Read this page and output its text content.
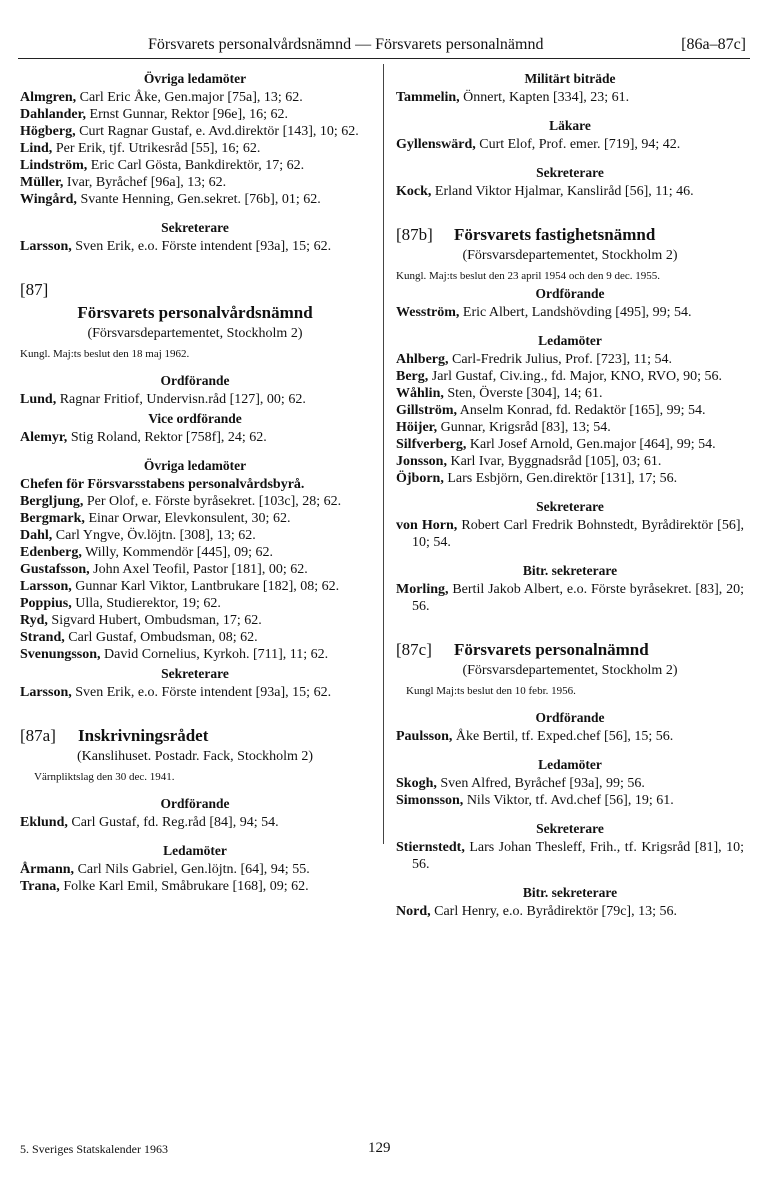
Försvarets personalvårdsnämnd — Försvarets personalnämnd	[86a–87c]
Övriga ledamöter
Almgren, Carl Eric Åke, Gen.major [75a], 13; 62.
Dahlander, Ernst Gunnar, Rektor [96e], 16; 62.
Högberg, Curt Ragnar Gustaf, e. Avd.direktör [143], 10; 62.
Lind, Per Erik, tjf. Utrikesråd [55], 16; 62.
Lindström, Eric Carl Gösta, Bankdirektör, 17; 62.
Müller, Ivar, Byråchef [96a], 13; 62.
Wingård, Svante Henning, Gen.sekret. [76b], 01; 62.
Sekreterare
Larsson, Sven Erik, e.o. Förste intendent [93a], 15; 62.
[87]
Försvarets personalvårdsnämnd
(Försvarsdepartementet, Stockholm 2)
Kungl. Maj:ts beslut den 18 maj 1962.
Ordförande
Lund, Ragnar Fritiof, Undervisn.råd [127], 00; 62.
Vice ordförande
Alemyr, Stig Roland, Rektor [758f], 24; 62.
Övriga ledamöter
Chefen för Försvarsstabens personalvårdsbyrå.
Bergljung, Per Olof, e. Förste byråsekret. [103c], 28; 62.
Bergmark, Einar Orwar, Elevkonsulent, 30; 62.
Dahl, Carl Yngve, Öv.löjtn. [308], 13; 62.
Edenberg, Willy, Kommendör [445], 09; 62.
Gustafsson, John Axel Teofil, Pastor [181], 00; 62.
Larsson, Gunnar Karl Viktor, Lantbrukare [182], 08; 62.
Poppius, Ulla, Studierektor, 19; 62.
Ryd, Sigvard Hubert, Ombudsman, 17; 62.
Strand, Carl Gustaf, Ombudsman, 08; 62.
Svenungsson, David Cornelius, Kyrkoh. [711], 11; 62.
Sekreterare
Larsson, Sven Erik, e.o. Förste intendent [93a], 15; 62.
[87a]	Inskrivningsrådet
(Kanslihuset. Postadr. Fack, Stockholm 2)
Värnpliktslag den 30 dec. 1941.
Ordförande
Eklund, Carl Gustaf, fd. Reg.råd [84], 94; 54.
Ledamöter
Årmann, Carl Nils Gabriel, Gen.löjtn. [64], 94; 55.
Trana, Folke Karl Emil, Småbrukare [168], 09; 62.
Militärt biträde
Tammelin, Önnert, Kapten [334], 23; 61.
Läkare
Gyllenswärd, Curt Elof, Prof. emer. [719], 94; 42.
Sekreterare
Kock, Erland Viktor Hjalmar, Kanslіråd [56], 11; 46.
[87b]	Försvarets fastighetsnämnd
(Försvarsdepartementet, Stockholm 2)
Kungl. Maj:ts beslut den 23 april 1954 och den 9 dec. 1955.
Ordförande
Wesström, Eric Albert, Landshövding [495], 99; 54.
Ledamöter
Ahlberg, Carl-Fredrik Julius, Prof. [723], 11; 54.
Berg, Jarl Gustaf, Civ.ing., fd. Major, KNO, RVO, 90; 56.
Wåhlin, Sten, Överste [304], 14; 61.
Gillström, Anselm Konrad, fd. Redaktör [165], 99; 54.
Höijer, Gunnar, Krigsråd [83], 13; 54.
Silfverberg, Karl Josef Arnold, Gen.major [464], 99; 54.
Jonsson, Karl Ivar, Byggnadsråd [105], 03; 61.
Öjborn, Lars Esbjörn, Gen.direktör [131], 17; 56.
Sekreterare
von Horn, Robert Carl Fredrik Bohnstedt, Byrådirektör [56], 10; 54.
Bitr. sekreterare
Morling, Bertil Jakob Albert, e.o. Förste byråsekret. [83], 20; 56.
[87c]	Försvarets personalnämnd
(Försvarsdepartementet, Stockholm 2)
Kungl Maj:ts beslut den 10 febr. 1956.
Ordförande
Paulsson, Åke Bertil, tf. Exped.chef [56], 15; 56.
Ledamöter
Skogh, Sven Alfred, Byråchef [93a], 99; 56.
Simonsson, Nils Viktor, tf. Avd.chef [56], 19; 61.
Sekreterare
Stiernstedt, Lars Johan Thesleff, Frih., tf. Krigsråd [81], 10; 56.
Bitr. sekreterare
Nord, Carl Henry, e.o. Byrådirektör [79c], 13; 56.
5. Sveriges Statskalender 1963	129
